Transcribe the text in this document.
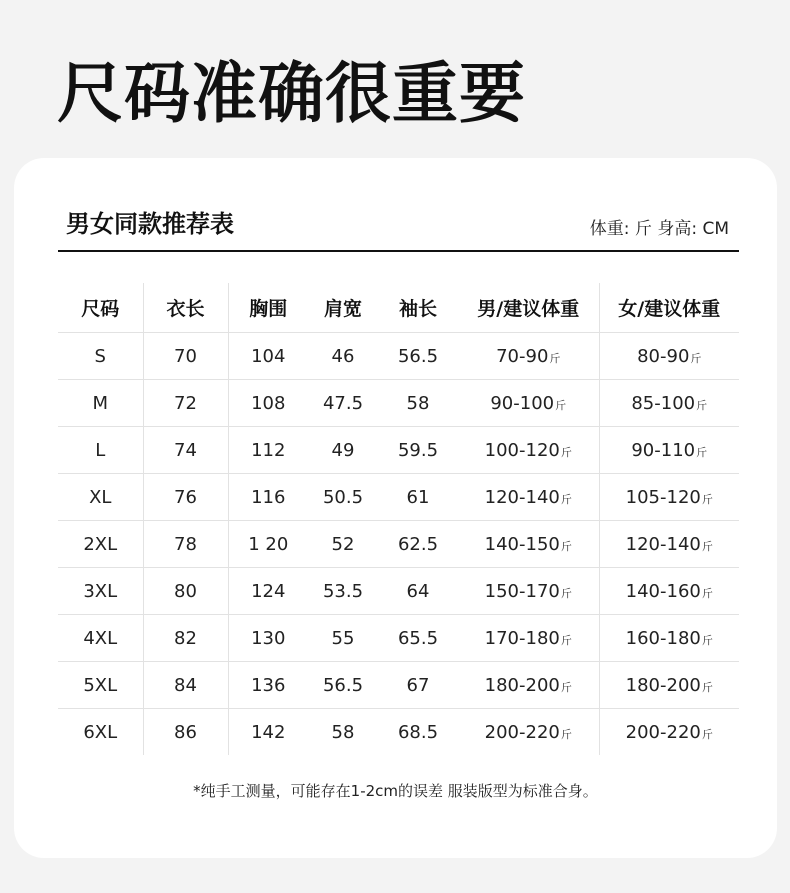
尺码准确很重要
男女同款推荐表	体重: 斤 身高: CM
尺码	衣长	胸围	肩宽	袖长	男/建议体重	女/建议体重
S	70	104	46	56.5	70-90斤	80-90斤
M	72	108	47.5	58	90-100斤	85-100斤
L	74	112	49	59.5	100-120斤	90-110斤
XL	76	116	50.5	61	120-140斤	105-120斤
2XL	78	1 20	52	62.5	140-150斤	120-140斤
3XL	80	124	53.5	64	150-170斤	140-160斤
4XL	82	130	55	65.5	170-180斤	160-180斤
5XL	84	136	56.5	67	180-200斤	180-200斤
6XL	86	142	58	68.5	200-220斤	200-220斤
*纯手工测量，可能存在1-2cm的误差 服装版型为标准合身。
